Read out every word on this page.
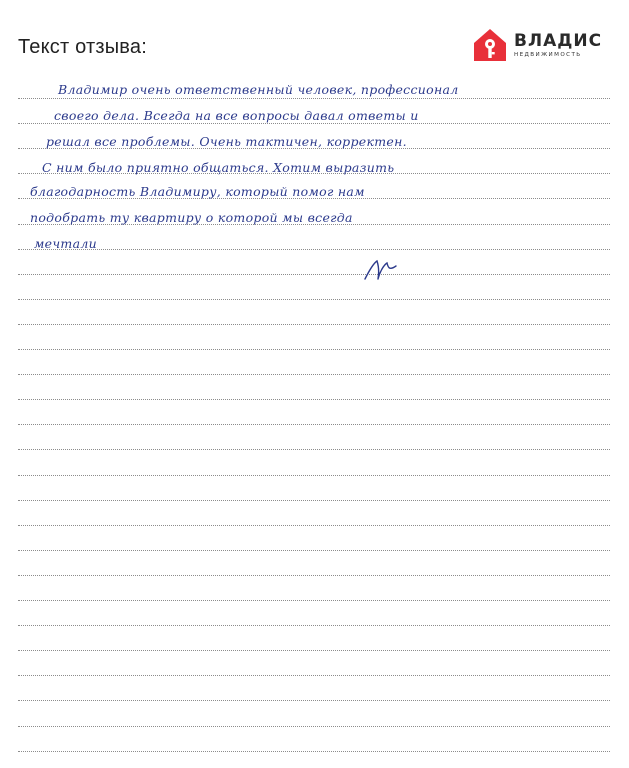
Текст отзыва:	ВЛАДИС
НЕДВИЖИМОСТЬ
Владимир очень ответственный человек, профессионал
своего дела. Всегда на все вопросы давал ответы и
решал все проблемы. Очень тактичен, корректен.
С ним было приятно общаться. Хотим выразить
благодарность Владимиру, который помог нам
подобрать ту квартиру о которой мы всегда
мечтали
